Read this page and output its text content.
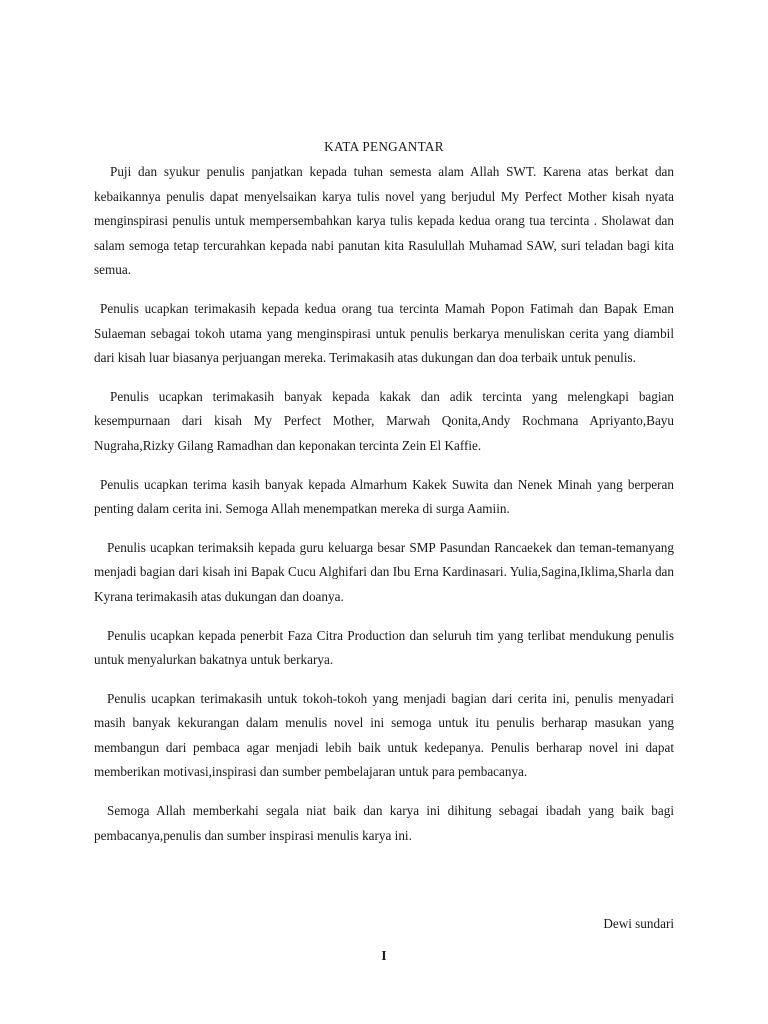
KATA PENGANTAR

Puji dan syukur penulis panjatkan kepada tuhan semesta alam Allah SWT. Karena atas berkat dan kebaikannya penulis dapat menyelsaikan karya tulis novel yang berjudul My Perfect Mother kisah nyata menginspirasi penulis untuk mempersembahkan karya tulis kepada kedua orang tua tercinta . Sholawat dan salam semoga tetap tercurahkan kepada nabi panutan kita Rasulullah Muhamad SAW, suri teladan bagi kita semua.

Penulis ucapkan terimakasih kepada kedua orang tua tercinta Mamah Popon Fatimah dan Bapak Eman Sulaeman sebagai tokoh utama yang menginspirasi untuk penulis berkarya menuliskan cerita yang diambil dari kisah luar biasanya perjuangan mereka. Terimakasih atas dukungan dan doa terbaik untuk penulis.

Penulis ucapkan terimakasih banyak kepada kakak dan adik tercinta yang melengkapi bagian kesempurnaan dari kisah My Perfect Mother, Marwah Qonita,Andy Rochmana Apriyanto,Bayu Nugraha,Rizky Gilang Ramadhan dan keponakan tercinta Zein El Kaffie.

Penulis ucapkan terima kasih banyak kepada Almarhum Kakek Suwita dan Nenek Minah yang berperan penting dalam cerita ini. Semoga Allah menempatkan mereka di surga Aamiin.

Penulis ucapkan terimaksih kepada guru keluarga besar SMP Pasundan Rancaekek dan teman-temanyang menjadi bagian dari kisah ini Bapak Cucu Alghifari dan Ibu Erna Kardinasari. Yulia,Sagina,Iklima,Sharla dan Kyrana terimakasih atas dukungan dan doanya.

Penulis ucapkan kepada penerbit Faza Citra Production dan seluruh tim yang terlibat mendukung penulis untuk menyalurkan bakatnya untuk berkarya.

Penulis ucapkan terimakasih untuk tokoh-tokoh yang menjadi bagian dari cerita ini, penulis menyadari masih banyak kekurangan dalam menulis novel ini semoga untuk itu penulis berharap masukan yang membangun dari pembaca agar menjadi lebih baik untuk kedepanya. Penulis berharap novel ini dapat memberikan motivasi,inspirasi dan sumber pembelajaran untuk para pembacanya.

Semoga Allah memberkahi segala niat baik dan karya ini dihitung sebagai ibadah yang baik bagi pembacanya,penulis dan sumber inspirasi menulis karya ini.

Dewi sundari

I
